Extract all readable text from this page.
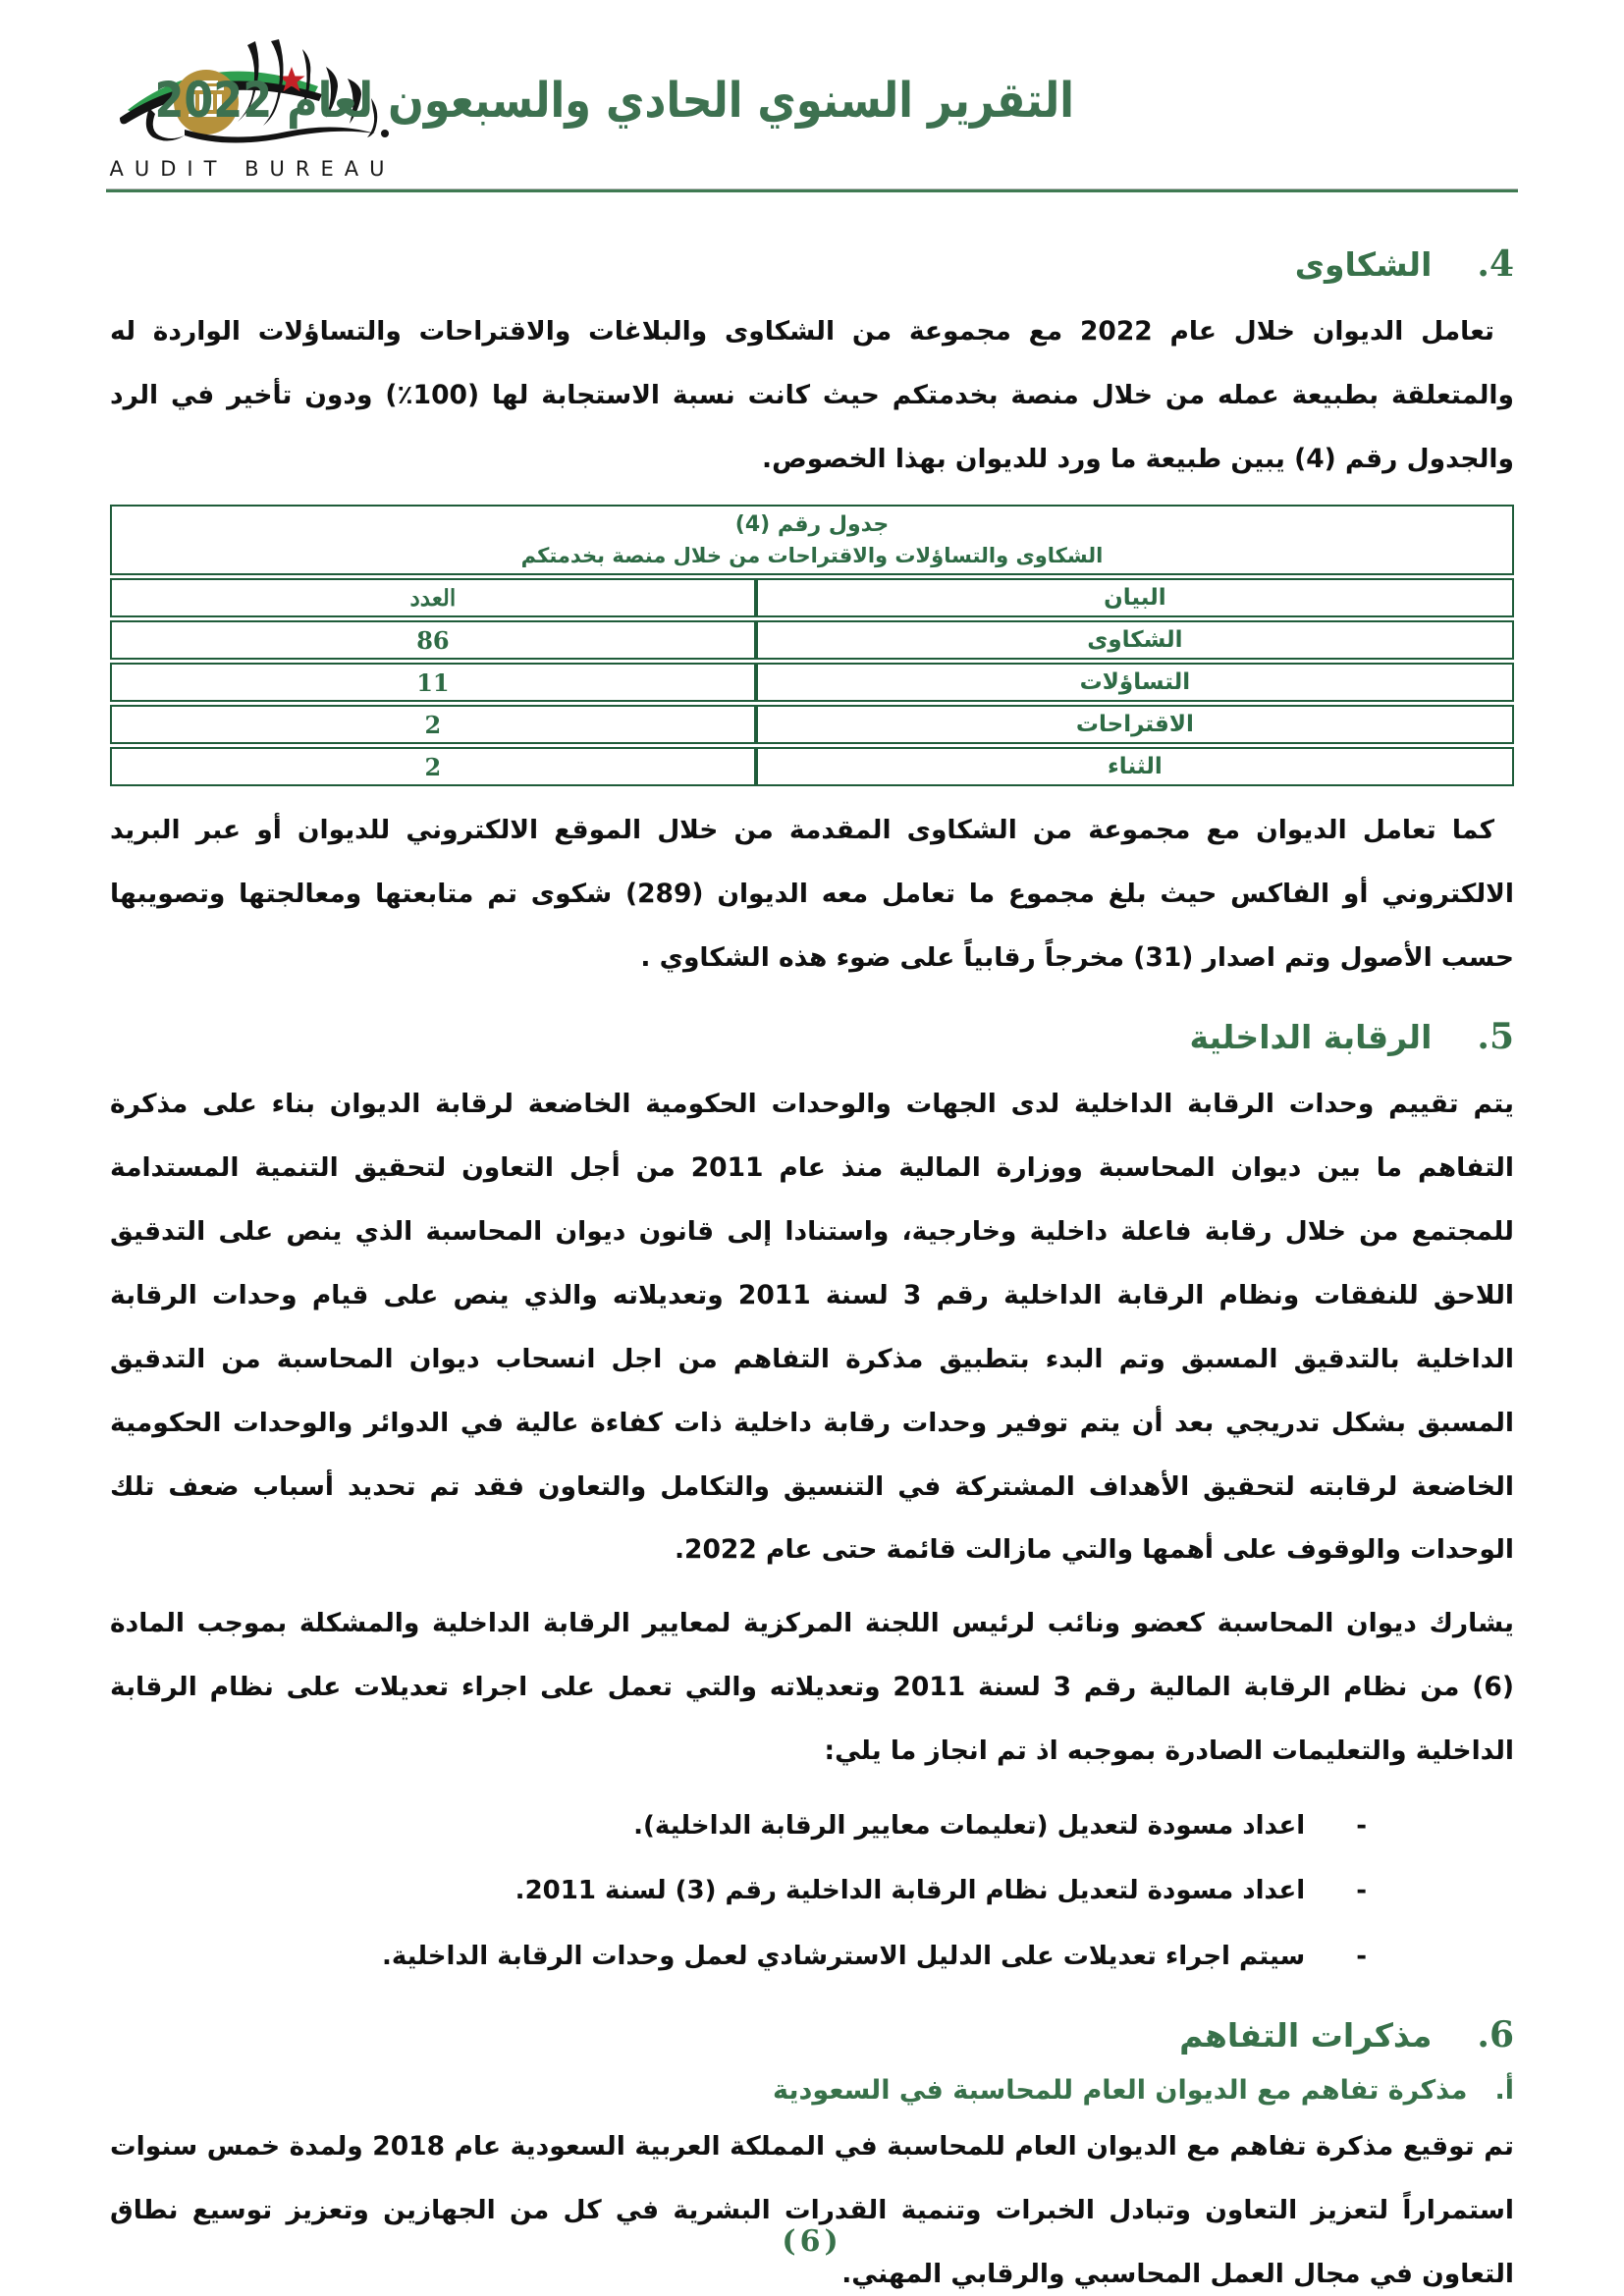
AUDIT BUREAU
التقرير السنوي الحادي والسبعون لعام 2022
4.
الشكاوى

تعامل الديوان خلال عام 2022 مع مجموعة من الشكاوى والبلاغات والاقتراحات والتساؤلات الواردة له والمتعلقة بطبيعة عمله من خلال منصة بخدمتكم حيث كانت نسبة الاستجابة لها (100٪) ودون تأخير في الرد والجدول رقم (4) يبين طبيعة ما ورد للديوان بهذا الخصوص.

جدول رقم (4)
الشكاوى والتساؤلات والاقتراحات من خلال منصة بخدمتكم	

البيان	العدد
الشكاوى	86
التساؤلات	11
الاقتراحات	2
الثناء	2

كما تعامل الديوان مع مجموعة من الشكاوى المقدمة من خلال الموقع الالكتروني للديوان أو عبر البريد الالكتروني أو الفاكس حيث بلغ مجموع ما تعامل معه الديوان (289) شكوى تم متابعتها ومعالجتها وتصويبها حسب الأصول وتم اصدار (31) مخرجاً رقابياً على ضوء هذه الشكاوي .

5.
الرقابة الداخلية

يتم تقييم وحدات الرقابة الداخلية لدى الجهات والوحدات الحكومية الخاضعة لرقابة الديوان بناء على مذكرة التفاهم ما بين ديوان المحاسبة ووزارة المالية منذ عام 2011 من أجل التعاون لتحقيق التنمية المستدامة للمجتمع من خلال رقابة فاعلة داخلية وخارجية، واستنادا إلى قانون ديوان المحاسبة الذي ينص على التدقيق اللاحق للنفقات ونظام الرقابة الداخلية رقم 3 لسنة 2011 وتعديلاته والذي ينص على قيام وحدات الرقابة الداخلية بالتدقيق المسبق وتم البدء بتطبيق مذكرة التفاهم من اجل انسحاب ديوان المحاسبة من التدقيق المسبق بشكل تدريجي بعد أن يتم توفير وحدات رقابة داخلية ذات كفاءة عالية في الدوائر والوحدات الحكومية الخاضعة لرقابته لتحقيق الأهداف المشتركة في التنسيق والتكامل والتعاون فقد تم تحديد أسباب ضعف تلك الوحدات والوقوف على أهمها والتي مازالت قائمة حتى عام 2022.

يشارك ديوان المحاسبة كعضو ونائب لرئيس اللجنة المركزية لمعايير الرقابة الداخلية والمشكلة بموجب المادة (6) من نظام الرقابة المالية رقم 3 لسنة 2011 وتعديلاته والتي تعمل على اجراء تعديلات على نظام الرقابة الداخلية والتعليمات الصادرة بموجبه اذ تم انجاز ما يلي:

-
اعداد مسودة لتعديل (تعليمات معايير الرقابة الداخلية).
-
اعداد مسودة لتعديل نظام الرقابة الداخلية رقم (3) لسنة 2011.
-
سيتم اجراء تعديلات على الدليل الاسترشادي لعمل وحدات الرقابة الداخلية.
6.
مذكرات التفاهم
أ.
مذكرة تفاهم مع الديوان العام للمحاسبة في السعودية

تم توقيع مذكرة تفاهم مع الديوان العام للمحاسبة في المملكة العربية السعودية عام 2018 ولمدة خمس سنوات استمراراً لتعزيز التعاون وتبادل الخبرات وتنمية القدرات البشرية في كل من الجهازين وتعزيز توسيع نطاق التعاون في مجال العمل المحاسبي والرقابي المهني.

(6)
